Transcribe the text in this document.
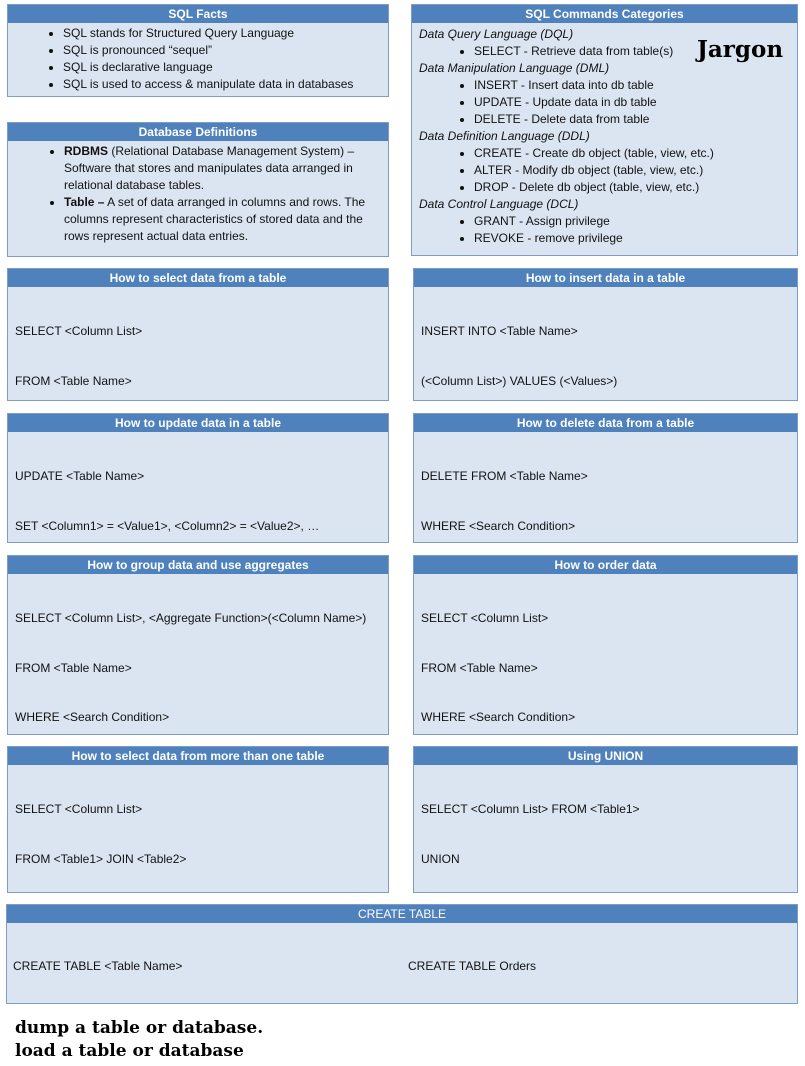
SQL Facts
• SQL stands for Structured Query Language
• SQL is pronounced “sequel”
• SQL is declarative language
• SQL is used to access & manipulate data in databases
Database Definitions
• RDBMS (Relational Database Management System) – Software that stores and manipulates data arranged in relational database tables.
• Table – A set of data arranged in columns and rows. The columns represent characteristics of stored data and the rows represent actual data entries.
SQL Commands Categories
Data Query Language (DQL)
• SELECT - Retrieve data from table(s)
Data Manipulation Language (DML)
• INSERT - Insert data into db table
• UPDATE - Update data in db table
• DELETE - Delete data from table
Data Definition Language (DDL)
• CREATE - Create db object (table, view, etc.)
• ALTER - Modify db object (table, view, etc.)
• DROP - Delete db object (table, view, etc.)
Data Control Language (DCL)
• GRANT - Assign privilege
• REVOKE - remove privilege
Jargon
How to select data from a table

SELECT <Column List>

FROM <Table Name>

How to insert data in a table

INSERT INTO <Table Name>

(<Column List>) VALUES (<Values>)

How to update data in a table

UPDATE <Table Name>

SET <Column1> = <Value1>, <Column2> = <Value2>, …

How to delete data from a table

DELETE FROM <Table Name>

WHERE <Search Condition>

How to group data and use aggregates

SELECT <Column List>, <Aggregate Function>(<Column Name>)

FROM <Table Name>

WHERE <Search Condition>

How to order data

SELECT <Column List>

FROM <Table Name>

WHERE <Search Condition>

How to select data from more than one table

SELECT <Column List>

FROM <Table1> JOIN <Table2>

Using UNION

SELECT <Column List> FROM <Table1>

UNION

CREATE TABLE

CREATE TABLE <Table Name>

	CREATE TABLE Orders

dump a table or database.
load a table or database
